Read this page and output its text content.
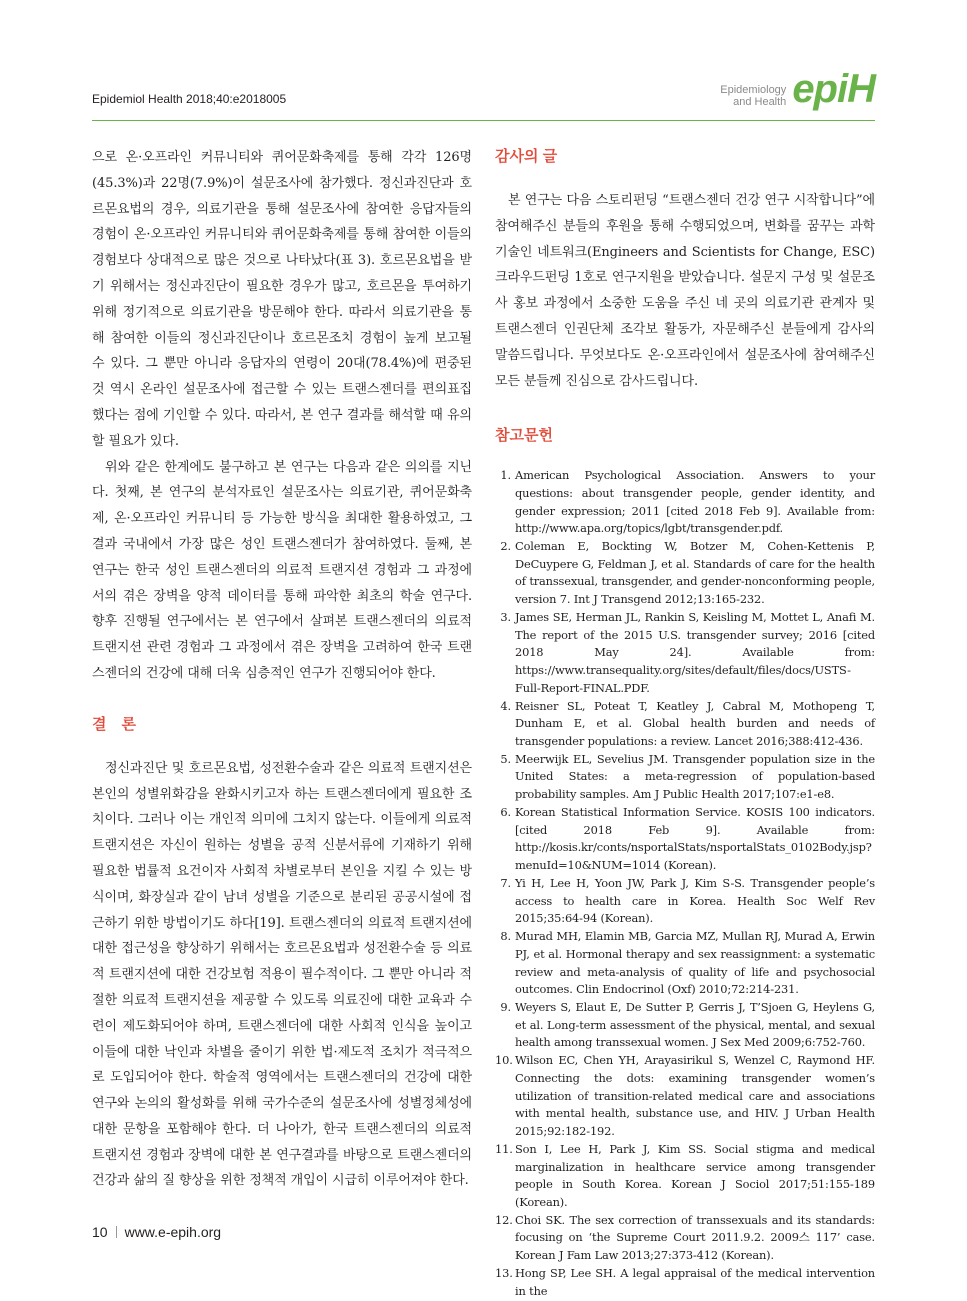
Epidemiol Health 2018;40:e2018005
Epidemiology
and Health epiH

으로 온·오프라인 커뮤니티와 퀴어문화축제를 통해 각각 126명(45.3%)과 22명(7.9%)이 설문조사에 참가했다. 정신과진단과 호르몬요법의 경우, 의료기관을 통해 설문조사에 참여한 응답자들의 경험이 온·오프라인 커뮤니티와 퀴어문화축제를 통해 참여한 이들의 경험보다 상대적으로 많은 것으로 나타났다(표 3). 호르몬요법을 받기 위해서는 정신과진단이 필요한 경우가 많고, 호르몬을 투여하기 위해 정기적으로 의료기관을 방문해야 한다. 따라서 의료기관을 통해 참여한 이들의 정신과진단이나 호르몬조치 경험이 높게 보고될 수 있다. 그 뿐만 아니라 응답자의 연령이 20대(78.4%)에 편중된 것 역시 온라인 설문조사에 접근할 수 있는 트랜스젠더를 편의표집했다는 점에 기인할 수 있다. 따라서, 본 연구 결과를 해석할 때 유의할 필요가 있다.

위와 같은 한계에도 불구하고 본 연구는 다음과 같은 의의를 지닌다. 첫째, 본 연구의 분석자료인 설문조사는 의료기관, 퀴어문화축제, 온·오프라인 커뮤니티 등 가능한 방식을 최대한 활용하였고, 그 결과 국내에서 가장 많은 성인 트랜스젠더가 참여하였다. 둘째, 본 연구는 한국 성인 트랜스젠더의 의료적 트랜지션 경험과 그 과정에서의 겪은 장벽을 양적 데이터를 통해 파악한 최초의 학술 연구다. 향후 진행될 연구에서는 본 연구에서 살펴본 트랜스젠더의 의료적 트랜지션 관련 경험과 그 과정에서 겪은 장벽을 고려하여 한국 트랜스젠더의 건강에 대해 더욱 심층적인 연구가 진행되어야 한다.

결　론

정신과진단 및 호르몬요법, 성전환수술과 같은 의료적 트랜지션은 본인의 성별위화감을 완화시키고자 하는 트랜스젠더에게 필요한 조치이다. 그러나 이는 개인적 의미에 그치지 않는다. 이들에게 의료적 트랜지션은 자신이 원하는 성별을 공적 신분서류에 기재하기 위해 필요한 법률적 요건이자 사회적 차별로부터 본인을 지킬 수 있는 방식이며, 화장실과 같이 남녀 성별을 기준으로 분리된 공공시설에 접근하기 위한 방법이기도 하다[19]. 트랜스젠더의 의료적 트랜지션에 대한 접근성을 향상하기 위해서는 호르몬요법과 성전환수술 등 의료적 트랜지션에 대한 건강보험 적용이 필수적이다. 그 뿐만 아니라 적절한 의료적 트랜지션을 제공할 수 있도록 의료진에 대한 교육과 수련이 제도화되어야 하며, 트랜스젠더에 대한 사회적 인식을 높이고 이들에 대한 낙인과 차별을 줄이기 위한 법·제도적 조치가 적극적으로 도입되어야 한다. 학술적 영역에서는 트랜스젠더의 건강에 대한 연구와 논의의 활성화를 위해 국가수준의 설문조사에 성별정체성에 대한 문항을 포함해야 한다. 더 나아가, 한국 트랜스젠더의 의료적 트랜지션 경험과 장벽에 대한 본 연구결과를 바탕으로 트랜스젠더의 건강과 삶의 질 향상을 위한 정책적 개입이 시급히 이루어져야 한다.

감사의 글

본 연구는 다음 스토리펀딩 “트랜스젠더 건강 연구 시작합니다”에 참여해주신 분들의 후원을 통해 수행되었으며, 변화를 꿈꾸는 과학기술인 네트워크(Engineers and Scientists for Change, ESC) 크라우드펀딩 1호로 연구지원을 받았습니다. 설문지 구성 및 설문조사 홍보 과정에서 소중한 도움을 주신 네 곳의 의료기관 관계자 및 트랜스젠더 인권단체 조각보 활동가, 자문해주신 분들에게 감사의 말씀드립니다. 무엇보다도 온·오프라인에서 설문조사에 참여해주신 모든 분들께 진심으로 감사드립니다.

참고문헌
1. American Psychological Association. Answers to your questions: about transgender people, gender identity, and gender expression; 2011 [cited 2018 Feb 9]. Available from: http://www.apa.org/topics/lgbt/transgender.pdf.
2. Coleman E, Bockting W, Botzer M, Cohen-Kettenis P, DeCuypere G, Feldman J, et al. Standards of care for the health of transsexual, transgender, and gender-nonconforming people, version 7. Int J Transgend 2012;13:165-232.
3. James SE, Herman JL, Rankin S, Keisling M, Mottet L, Anafi M. The report of the 2015 U.S. transgender survey; 2016 [cited 2018 May 24]. Available from: https://www.transequality.org/sites/default/files/docs/USTS-Full-Report-FINAL.PDF.
4. Reisner SL, Poteat T, Keatley J, Cabral M, Mothopeng T, Dunham E, et al. Global health burden and needs of transgender populations: a review. Lancet 2016;388:412-436.
5. Meerwijk EL, Sevelius JM. Transgender population size in the United States: a meta-regression of population-based probability samples. Am J Public Health 2017;107:e1-e8.
6. Korean Statistical Information Service. KOSIS 100 indicators. [cited 2018 Feb 9]. Available from: http://kosis.kr/conts/nsportalStats/nsportalStats_0102Body.jsp?menuId=10&NUM=1014 (Korean).
7. Yi H, Lee H, Yoon JW, Park J, Kim S-S. Transgender people’s access to health care in Korea. Health Soc Welf Rev 2015;35:64-94 (Korean).
8. Murad MH, Elamin MB, Garcia MZ, Mullan RJ, Murad A, Erwin PJ, et al. Hormonal therapy and sex reassignment: a systematic review and meta-analysis of quality of life and psychosocial outcomes. Clin Endocrinol (Oxf) 2010;72:214-231.
9. Weyers S, Elaut E, De Sutter P, Gerris J, T’Sjoen G, Heylens G, et al. Long-term assessment of the physical, mental, and sexual health among transsexual women. J Sex Med 2009;6:752-760.
10. Wilson EC, Chen YH, Arayasirikul S, Wenzel C, Raymond HF. Connecting the dots: examining transgender women’s utilization of transition-related medical care and associations with mental health, substance use, and HIV. J Urban Health 2015;92:182-192.
11. Son I, Lee H, Park J, Kim SS. Social stigma and medical marginalization in healthcare service among transgender people in South Korea. Korean J Sociol 2017;51:155-189 (Korean).
12. Choi SK. The sex correction of transsexuals and its standards: focusing on ‘the Supreme Court 2011.9.2. 2009스 117’ case. Korean J Fam Law 2013;27:373-412 (Korean).
13. Hong SP, Lee SH. A legal appraisal of the medical intervention in the
10 www.e-epih.org
